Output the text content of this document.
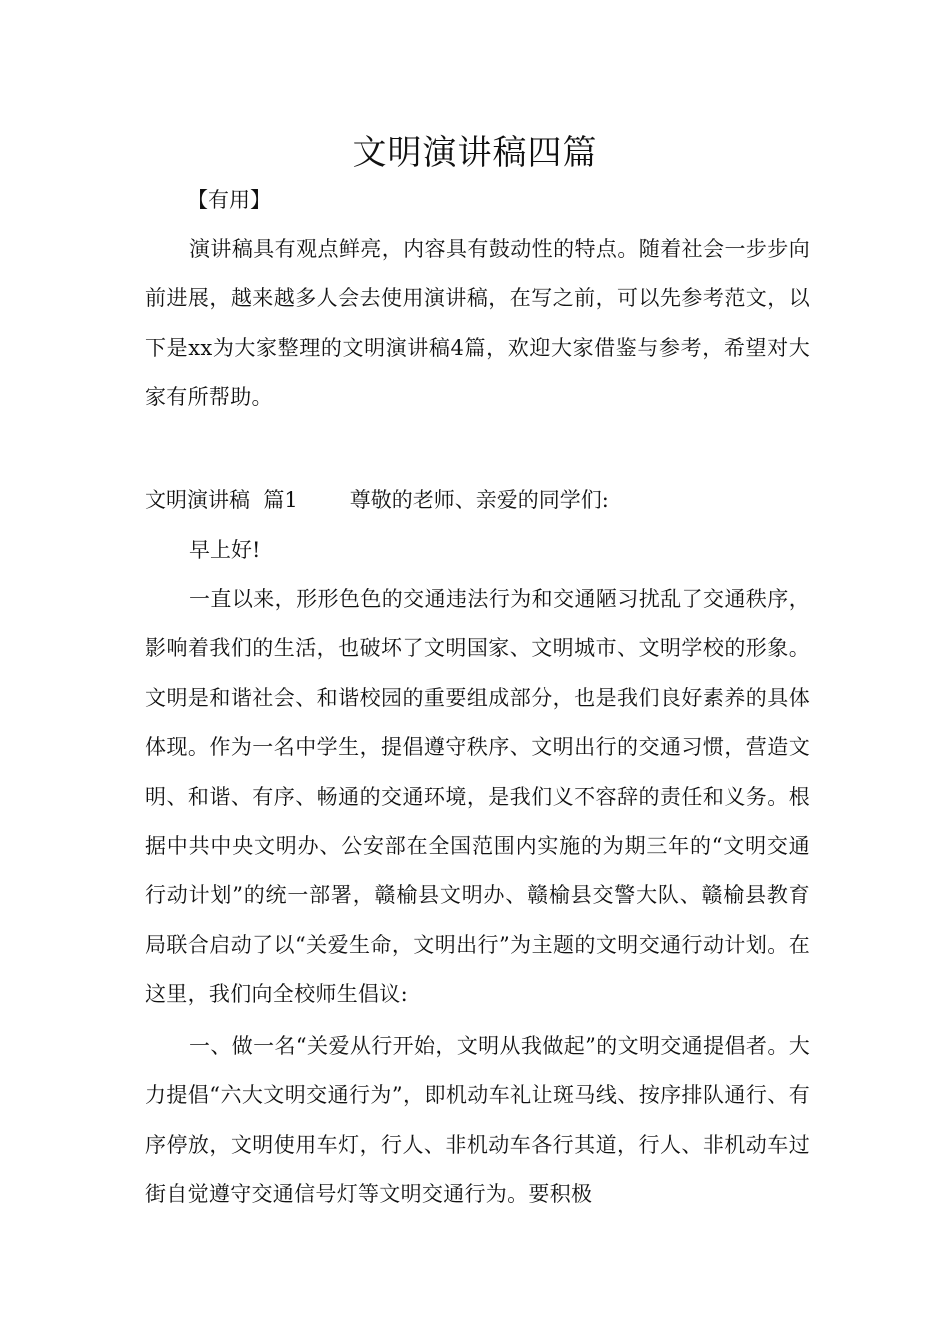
文明演讲稿四篇
【有用】

演讲稿具有观点鲜亮，内容具有鼓动性的特点。随着社会一步步向前进展，越来越多人会去使用演讲稿，在写之前，可以先参考范文，以下是xx为大家整理的文明演讲稿4篇，欢迎大家借鉴与参考，希望对大家有所帮助。

文明演讲稿  篇1 尊敬的老师、亲爱的同学们:
早上好!

一直以来，形形色色的交通违法行为和交通陋习扰乱了交通秩序，影响着我们的生活，也破坏了文明国家、文明城市、文明学校的形象。文明是和谐社会、和谐校园的重要组成部分，也是我们良好素养的具体体现。作为一名中学生，提倡遵守秩序、文明出行的交通习惯，营造文明、和谐、有序、畅通的交通环境，是我们义不容辞的责任和义务。根据中共中央文明办、公安部在全国范围内实施的为期三年的“文明交通行动计划”的统一部署，赣榆县文明办、赣榆县交警大队、赣榆县教育局联合启动了以“关爱生命，文明出行”为主题的文明交通行动计划。在这里，我们向全校师生倡议:

一、做一名“关爱从行开始，文明从我做起”的文明交通提倡者。大力提倡“六大文明交通行为”，即机动车礼让斑马线、按序排队通行、有序停放，文明使用车灯，行人、非机动车各行其道，行人、非机动车过街自觉遵守交通信号灯等文明交通行为。要积极
